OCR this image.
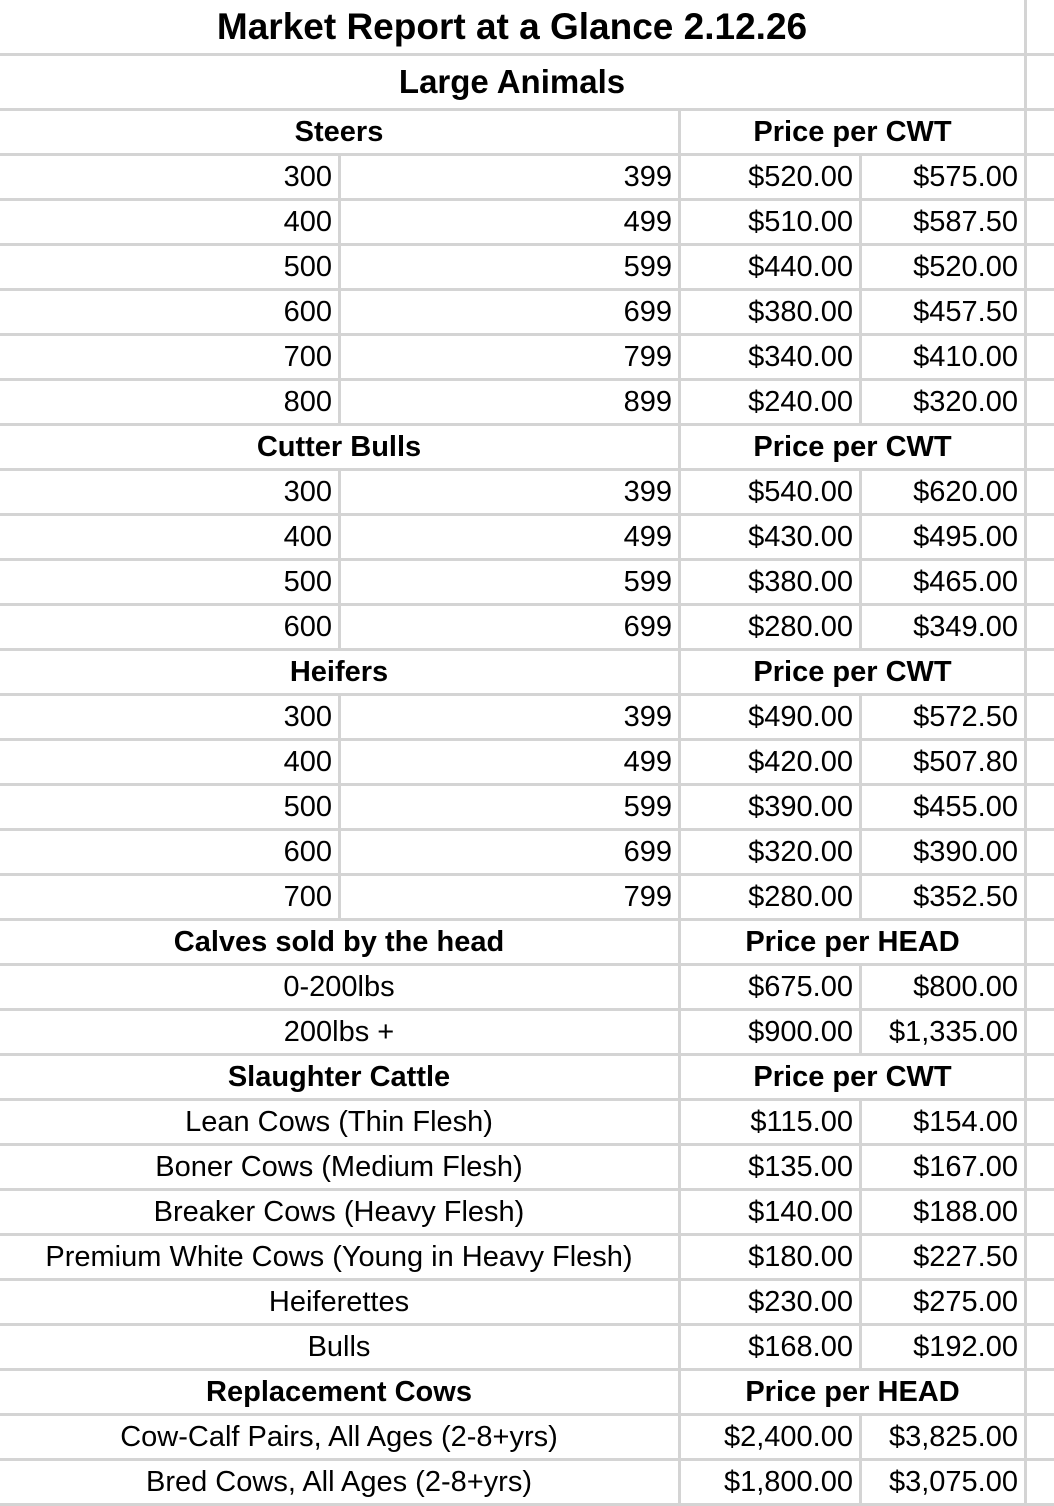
Market Report at a Glance 2.12.26
Large Animals
Steers	Price per CWT
300	399	$520.00	$575.00
400	499	$510.00	$587.50
500	599	$440.00	$520.00
600	699	$380.00	$457.50
700	799	$340.00	$410.00
800	899	$240.00	$320.00
Cutter Bulls	Price per CWT
300	399	$540.00	$620.00
400	499	$430.00	$495.00
500	599	$380.00	$465.00
600	699	$280.00	$349.00
Heifers	Price per CWT
300	399	$490.00	$572.50
400	499	$420.00	$507.80
500	599	$390.00	$455.00
600	699	$320.00	$390.00
700	799	$280.00	$352.50
Calves sold by the head	Price per HEAD
0-200lbs	$675.00	$800.00
200lbs +	$900.00	$1,335.00
Slaughter Cattle	Price per CWT
Lean Cows (Thin Flesh)	$115.00	$154.00
Boner Cows (Medium Flesh)	$135.00	$167.00
Breaker Cows (Heavy Flesh)	$140.00	$188.00
Premium White Cows (Young in Heavy Flesh)	$180.00	$227.50
Heiferettes	$230.00	$275.00
Bulls	$168.00	$192.00
Replacement Cows	Price per HEAD
Cow-Calf Pairs, All Ages (2-8+yrs)	$2,400.00	$3,825.00
Bred Cows, All Ages (2-8+yrs)	$1,800.00	$3,075.00
